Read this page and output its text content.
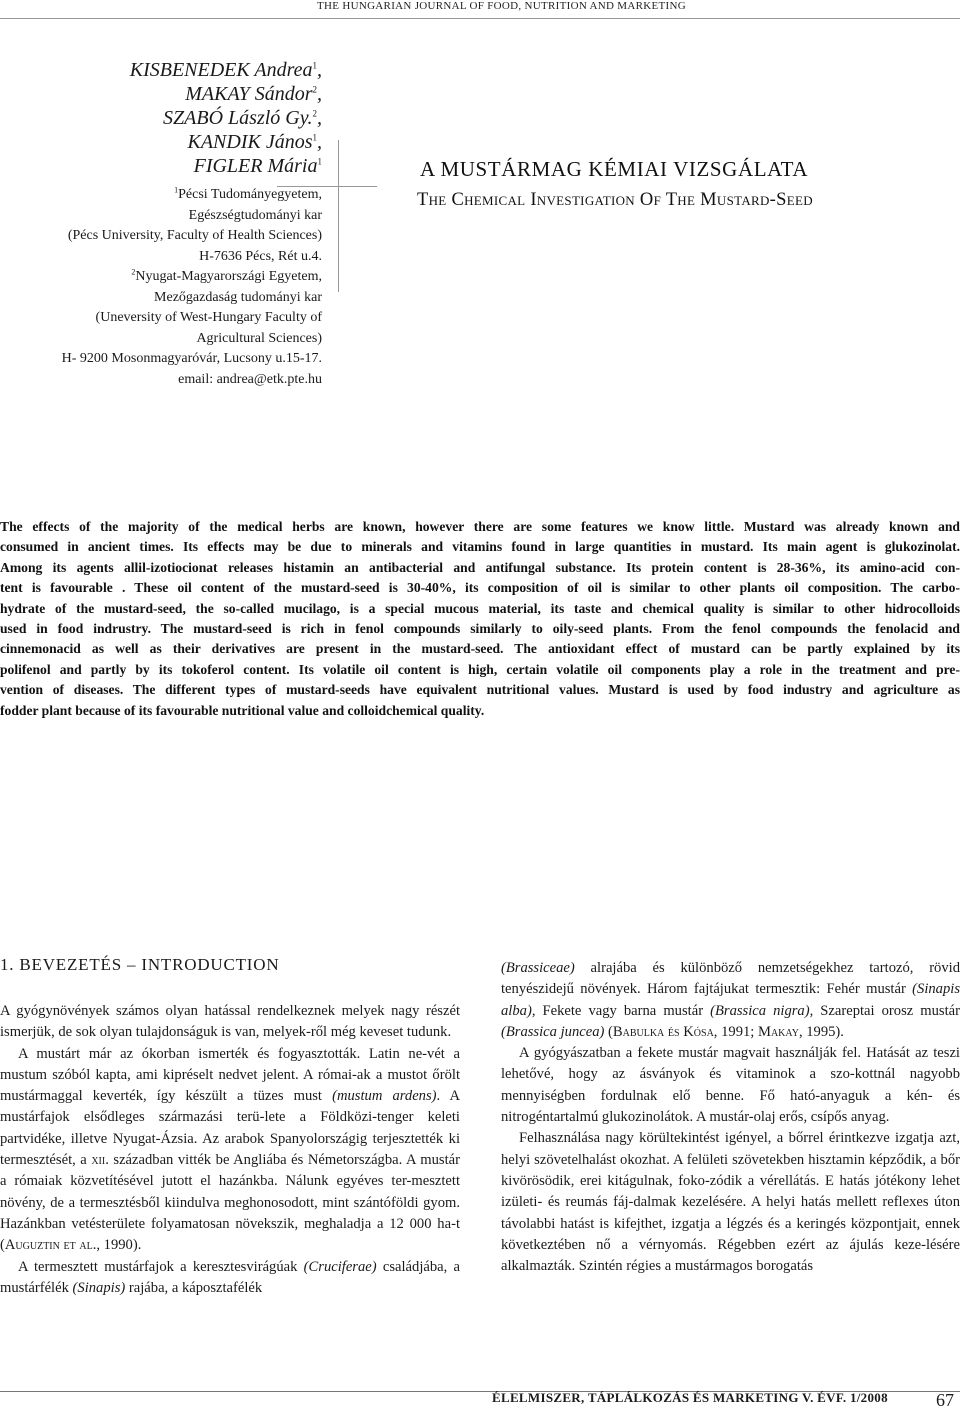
THE HUNGARIAN JOURNAL OF FOOD, NUTRITION AND MARKETING
KISBENEDEK Andrea$^1$,
MAKAY Sándor$^2$,
SZABÓ László Gy.$^2$,
KANDIK János$^1$,
FIGLER Mária$^1$
$^1$Pécsi Tudományegyetem,
Egészségtudományi kar
(Pécs University, Faculty of Health Sciences)
H-7636 Pécs, Rét u.4.
$^2$Nyugat-Magyarországi Egyetem,
Mezőgazdaság tudományi kar
(Uneversity of West-Hungary Faculty of
Agricultural Sciences)
H- 9200 Mosonmagyaróvár, Lucsony u.15-17.
email: andrea@etk.pte.hu
A MUSTÁRMAG KÉMIAI VIZSGÁLATA
The Chemical Investigation Of The Mustard-Seed
The effects of the majority of the medical herbs are known, however there are some features we know little. Mustard was already known and
consumed in ancient times. Its effects may be due to minerals and vitamins found in large quantities in mustard. Its main agent is glukozinolat.
Among its agents allil-izotiocionat releases histamin an antibacterial and antifungal substance. Its protein content is 28-36%, its amino-acid con-
tent is favourable . These oil content of the mustard-seed is 30-40%, its composition of oil is similar to other plants oil composition. The carbo-
hydrate of the mustard-seed, the so-called mucilago, is a special mucous material, its taste and chemical quality is similar to other hidrocolloids
used in food indrustry. The mustard-seed is rich in fenol compounds similarly to oily-seed plants. From the fenol compounds the fenolacid and
cinnemonacid as well as their derivatives are present in the mustard-seed. The antioxidant effect of mustard can be partly explained by its
polifenol and partly by its tokoferol content. Its volatile oil content is high, certain volatile oil components play a role in the treatment and pre-
vention of diseases. The different types of mustard-seeds have equivalent nutritional values. Mustard is used by food industry and agriculture as
fodder plant because of its favourable nutritional value and colloidchemical quality.
1. BEVEZETÉS – INTRODUCTION

A gyógynövények számos olyan hatással rendelkeznek melyek nagy részét ismerjük, de sok olyan tulajdonságuk is van, melyek-ről még keveset tudunk.

A mustárt már az ókorban ismerték és fogyasztották. Latin ne-vét a mustum szóból kapta, ami kipréselt nedvet jelent. A római-ak a mustot őrölt mustármaggal keverték, így készült a tüzes must (mustum ardens). A mustárfajok elsődleges származási terü-lete a Földközi-tenger keleti partvidéke, illetve Nyugat-Ázsia. Az arabok Spanyolországig terjesztették ki termesztését, a xii. században vitték be Angliába és Németországba. A mustár a rómaiak közvetítésével jutott el hazánkba. Nálunk egyéves ter-mesztett növény, de a termesztésből kiindulva meghonosodott, mint szántóföldi gyom. Hazánkban vetésterülete folyamatosan növekszik, meghaladja a 12 000 ha-t (Auguztin et al., 1990).

A termesztett mustárfajok a keresztesvirágúak (Cruciferae) családjába, a mustárfélék (Sinapis) rajába, a káposztafélék

(Brassiceae) alrajába és különböző nemzetségekhez tartozó, rövid tenyészidejű növények. Három fajtájukat termesztik: Fehér mustár (Sinapis alba), Fekete vagy barna mustár (Brassica nigra), Szareptai orosz mustár (Brassica juncea) (Babulka és Kósa, 1991; Makay, 1995).

A gyógyászatban a fekete mustár magvait használják fel. Hatását az teszi lehetővé, hogy az ásványok és vitaminok a szo-kottnál nagyobb mennyiségben fordulnak elő benne. Fő ható-anyaguk a kén- és nitrogéntartalmú glukozinolátok. A mustár-olaj erős, csípős anyag.

Felhasználása nagy körültekintést igényel, a bőrrel érintkezve izgatja azt, helyi szövetelhalást okozhat. A felületi szövetekben hisztamin képződik, a bőr kivörösödik, erei kitágulnak, foko-zódik a vérellátás. E hatás jótékony lehet izületi- és reumás fáj-dalmak kezelésére. A helyi hatás mellett reflexes úton távolabbi hatást is kifejthet, izgatja a légzés és a keringés központjait, ennek következtében nő a vérnyomás. Régebben ezért az ájulás keze-lésére alkalmazták. Szintén régies a mustármagos borogatás

ÉLELMISZER, TÁPLÁLKOZÁS ÉS MARKETING V. ÉVF. 1/2008	67
